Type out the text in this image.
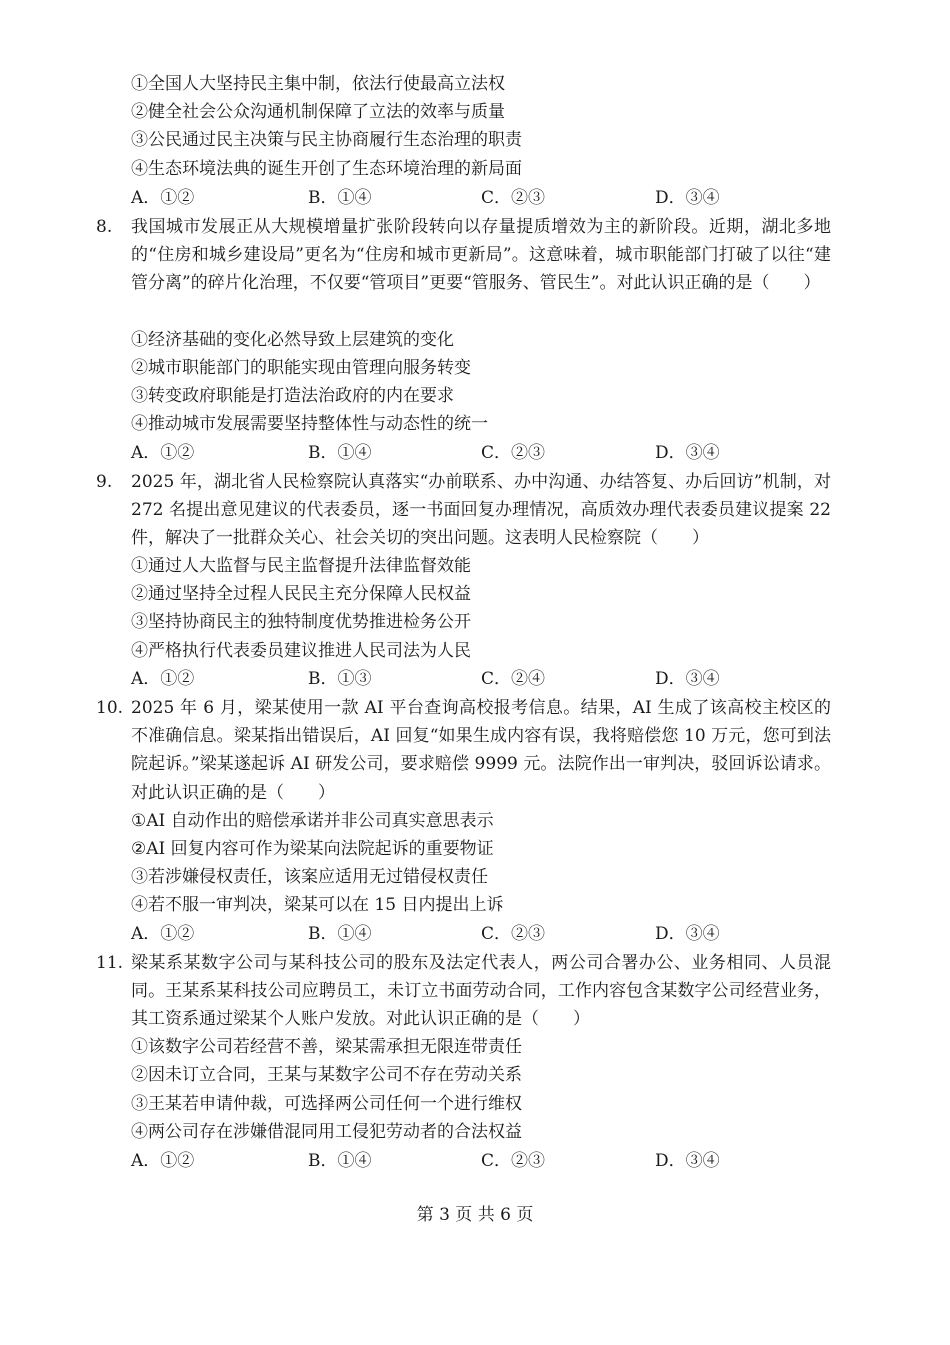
①全国人大坚持民主集中制，依法行使最高立法权
②健全社会公众沟通机制保障了立法的效率与质量
③公民通过民主决策与民主协商履行生态治理的职责
④生态环境法典的诞生开创了生态环境治理的新局面
A．①②	B．①④	C．②③	D．③④
8. 我国城市发展正从大规模增量扩张阶段转向以存量提质增效为主的新阶段。近期，湖北多地的“住房和城乡建设局”更名为“住房和城市更新局”。这意味着，城市职能部门打破了以往“建管分离”的碎片化治理，不仅要“管项目”更要“管服务、管民生”。对此认识正确的是（　　）
①经济基础的变化必然导致上层建筑的变化
②城市职能部门的职能实现由管理向服务转变
③转变政府职能是打造法治政府的内在要求
④推动城市发展需要坚持整体性与动态性的统一
A．①②	B．①④	C．②③	D．③④
9. 2025 年，湖北省人民检察院认真落实“办前联系、办中沟通、办结答复、办后回访”机制，对 272 名提出意见建议的代表委员，逐一书面回复办理情况，高质效办理代表委员建议提案 22 件，解决了一批群众关心、社会关切的突出问题。这表明人民检察院（　　）
①通过人大监督与民主监督提升法律监督效能
②通过坚持全过程人民民主充分保障人民权益
③坚持协商民主的独特制度优势推进检务公开
④严格执行代表委员建议推进人民司法为人民
A．①②	B．①③	C．②④	D．③④
10. 2025 年 6 月，梁某使用一款 AI 平台查询高校报考信息。结果，AI 生成了该高校主校区的不准确信息。梁某指出错误后，AI 回复“如果生成内容有误，我将赔偿您 10 万元，您可到法院起诉。”梁某遂起诉 AI 研发公司，要求赔偿 9999 元。法院作出一审判决，驳回诉讼请求。对此认识正确的是（　　）
①AI 自动作出的赔偿承诺并非公司真实意思表示
②AI 回复内容可作为梁某向法院起诉的重要物证
③若涉嫌侵权责任，该案应适用无过错侵权责任
④若不服一审判决，梁某可以在 15 日内提出上诉
A．①②	B．①④	C．②③	D．③④
11. 梁某系某数字公司与某科技公司的股东及法定代表人，两公司合署办公、业务相同、人员混同。王某系某科技公司应聘员工，未订立书面劳动合同，工作内容包含某数字公司经营业务，其工资系通过梁某个人账户发放。对此认识正确的是（　　）
①该数字公司若经营不善，梁某需承担无限连带责任
②因未订立合同，王某与某数字公司不存在劳动关系
③王某若申请仲裁，可选择两公司任何一个进行维权
④两公司存在涉嫌借混同用工侵犯劳动者的合法权益
A．①②	B．①④	C．②③	D．③④
第 3 页 共 6 页
